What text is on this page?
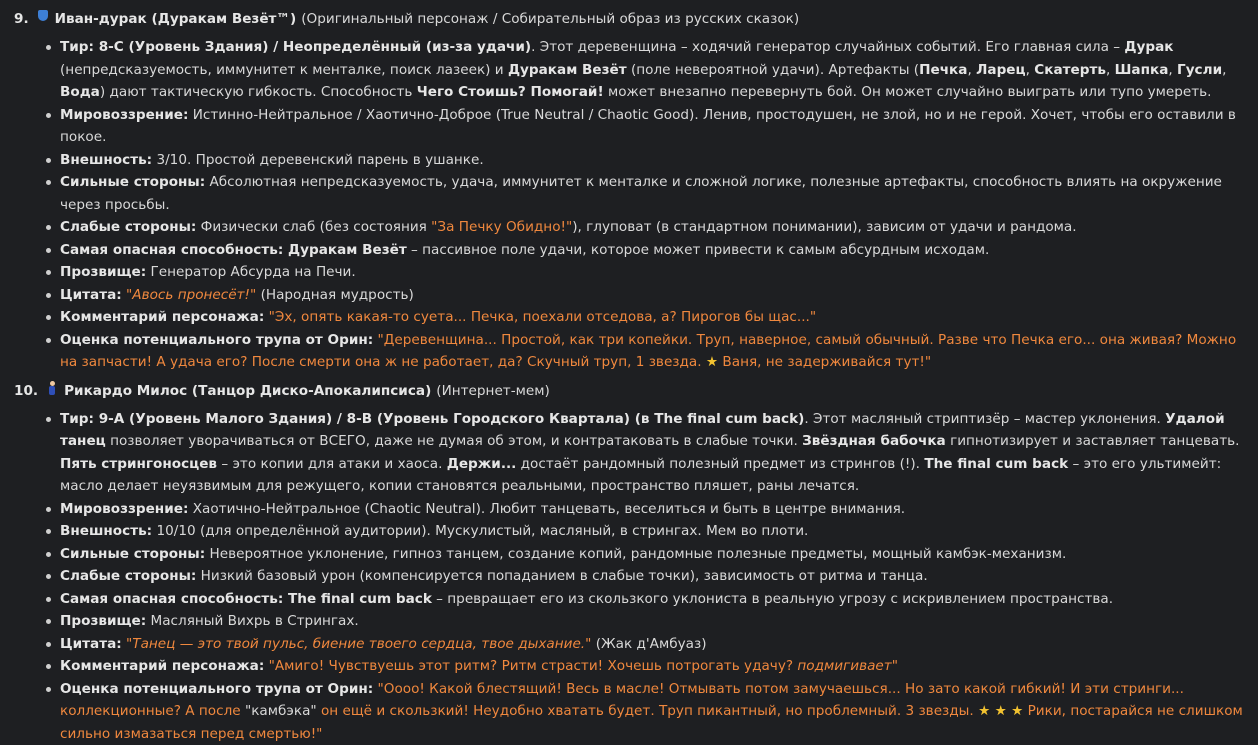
9. Иван-дурак (Дуракам Везёт™) (Оригинальный персонаж / Собирательный образ из русских сказок)
Тир: 8-C (Уровень Здания) / Неопределённый (из-за удачи). Этот деревенщина – ходячий генератор случайных событий. Его главная сила – Дурак (непредсказуемость, иммунитет к менталке, поиск лазеек) и Дуракам Везёт (поле невероятной удачи). Артефакты (Печка, Ларец, Скатерть, Шапка, Гусли, Вода) дают тактическую гибкость. Способность Чего Стоишь? Помогай! может внезапно перевернуть бой. Он может случайно выиграть или тупо умереть.
Мировоззрение: Истинно-Нейтральное / Хаотично-Доброе (True Neutral / Chaotic Good). Ленив, простодушен, не злой, но и не герой. Хочет, чтобы его оставили в покое.
Внешность: 3/10. Простой деревенский парень в ушанке.
Сильные стороны: Абсолютная непредсказуемость, удача, иммунитет к менталке и сложной логике, полезные артефакты, способность влиять на окружение через просьбы.
Слабые стороны: Физически слаб (без состояния "За Печку Обидно!"), глуповат (в стандартном понимании), зависим от удачи и рандома.
Самая опасная способность: Дуракам Везёт – пассивное поле удачи, которое может привести к самым абсурдным исходам.
Прозвище: Генератор Абсурда на Печи.
Цитата: "Авось пронесёт!" (Народная мудрость)
Комментарий персонажа: "Эх, опять какая-то суета... Печка, поехали отседова, а? Пирогов бы щас..."
Оценка потенциального трупа от Орин: "Деревенщина... Простой, как три копейки. Труп, наверное, самый обычный. Разве что Печка его... она живая? Можно на запчасти! А удача его? После смерти она ж не работает, да? Скучный труп, 1 звезда. ★ Ваня, не задерживайся тут!"
10. Рикардо Милос (Танцор Диско-Апокалипсиса) (Интернет-мем)
Тир: 9-A (Уровень Малого Здания) / 8-B (Уровень Городского Квартала) (в The final cum back). Этот масляный стриптизёр – мастер уклонения. Удалой танец позволяет уворачиваться от ВСЕГО, даже не думая об этом, и контратаковать в слабые точки. Звёздная бабочка гипнотизирует и заставляет танцевать. Пять стрингоносцев – это копии для атаки и хаоса. Держи... достаёт рандомный полезный предмет из стрингов (!). The final cum back – это его ультимейт: масло делает неуязвимым для режущего, копии становятся реальными, пространство пляшет, раны лечатся.
Мировоззрение: Хаотично-Нейтральное (Chaotic Neutral). Любит танцевать, веселиться и быть в центре внимания.
Внешность: 10/10 (для определённой аудитории). Мускулистый, масляный, в стрингах. Мем во плоти.
Сильные стороны: Невероятное уклонение, гипноз танцем, создание копий, рандомные полезные предметы, мощный камбэк-механизм.
Слабые стороны: Низкий базовый урон (компенсируется попаданием в слабые точки), зависимость от ритма и танца.
Самая опасная способность: The final cum back – превращает его из скользкого уклониста в реальную угрозу с искривлением пространства.
Прозвище: Масляный Вихрь в Стрингах.
Цитата: "Танец — это твой пульс, биение твоего сердца, твое дыхание." (Жак д'Амбуаз)
Комментарий персонажа: "Амиго! Чувствуешь этот ритм? Ритм страсти! Хочешь потрогать удачу? подмигивает"
Оценка потенциального трупа от Орин: "Оооо! Какой блестящий! Весь в масле! Отмывать потом замучаешься... Но зато какой гибкий! И эти стринги... коллекционные? А после "камбэка" он ещё и скользкий! Неудобно хватать будет. Труп пикантный, но проблемный. 3 звезды. ★ ★ ★ Рики, постарайся не слишком сильно измазаться перед смертью!"
